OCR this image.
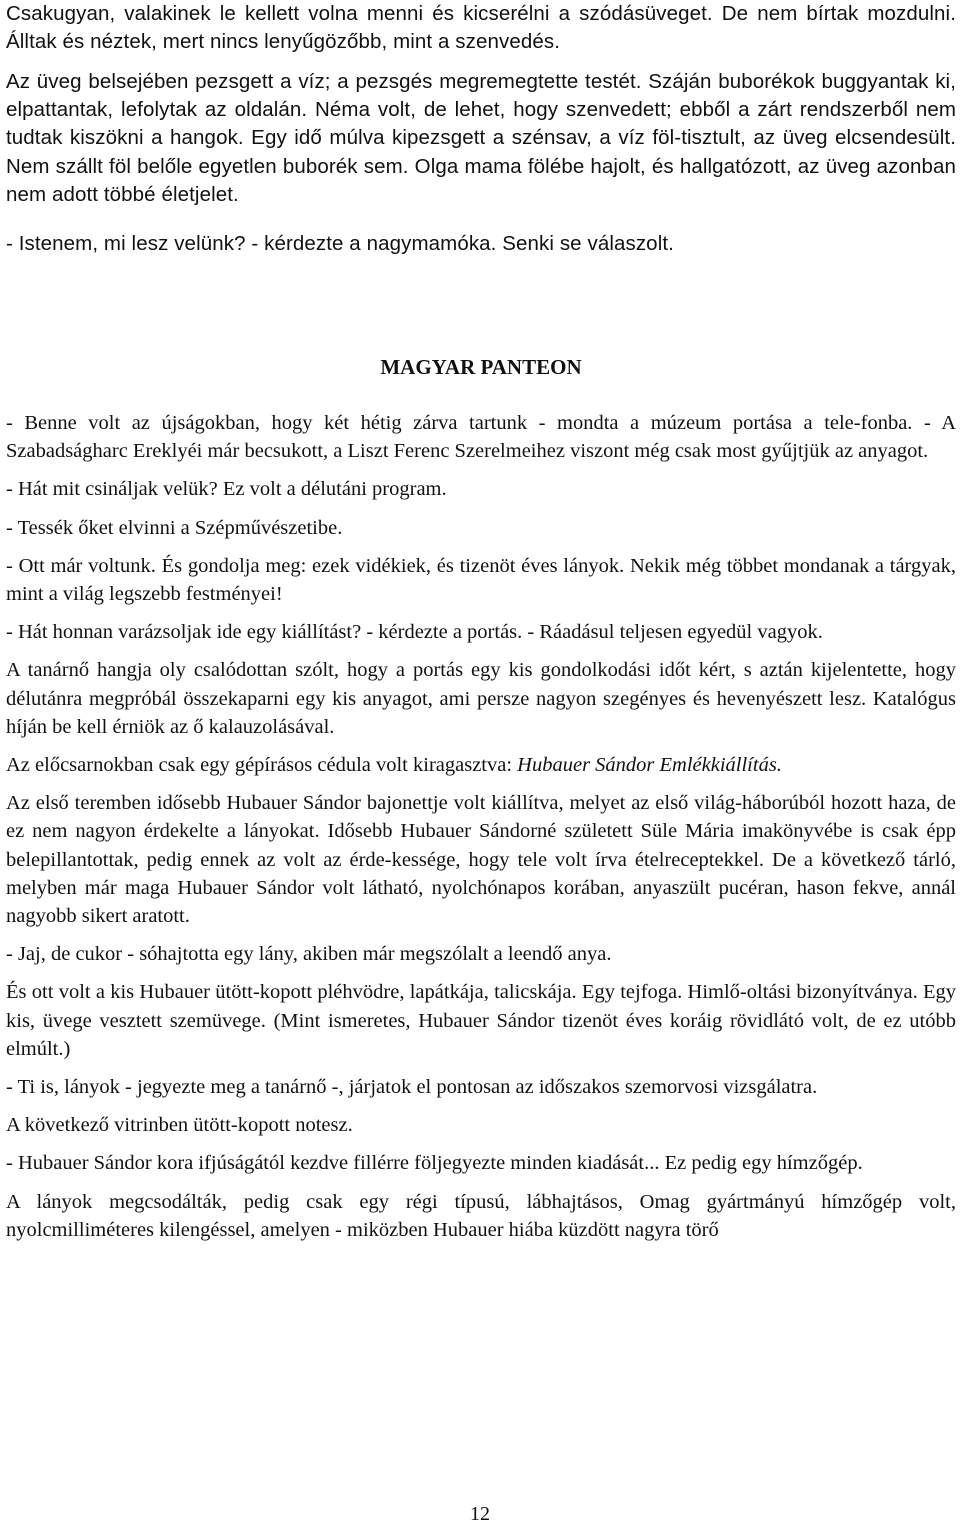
Csakugyan, valakinek le kellett volna menni és kicserélni a szódásüveget. De nem bírtak mozdulni. Álltak és néztek, mert nincs lenyűgözőbb, mint a szenvedés.

Az üveg belsejében pezsgett a víz; a pezsgés megremegtette testét. Száján buborékok buggyantak ki, elpattantak, lefolytak az oldalán. Néma volt, de lehet, hogy szenvedett; ebből a zárt rendszerből nem tudtak kiszökni a hangok. Egy idő múlva kipezsgett a szénsav, a víz föl-tisztult, az üveg elcsendesült. Nem szállt föl belőle egyetlen buborék sem. Olga mama fölébe hajolt, és hallgatózott, az üveg azonban nem adott többé életjelet.

- Istenem, mi lesz velünk? - kérdezte a nagymamóka. Senki se válaszolt.

MAGYAR PANTEON

- Benne volt az újságokban, hogy két hétig zárva tartunk - mondta a múzeum portása a tele-fonba. - A Szabadságharc Ereklyéi már becsukott, a Liszt Ferenc Szerelmeihez viszont még csak most gyűjtjük az anyagot.

- Hát mit csináljak velük? Ez volt a délutáni program.

- Tessék őket elvinni a Szépművészetibe.

- Ott már voltunk. És gondolja meg: ezek vidékiek, és tizenöt éves lányok. Nekik még többet mondanak a tárgyak, mint a világ legszebb festményei!

- Hát honnan varázsoljak ide egy kiállítást? - kérdezte a portás. - Ráadásul teljesen egyedül vagyok.

A tanárnő hangja oly csalódottan szólt, hogy a portás egy kis gondolkodási időt kért, s aztán kijelentette, hogy délutánra megpróbál összekaparni egy kis anyagot, ami persze nagyon szegényes és hevenyészett lesz. Katalógus híján be kell érniök az ő kalauzolásával.

Az előcsarnokban csak egy gépírásos cédula volt kiragasztva: Hubauer Sándor Emlékkiállítás.

Az első teremben idősebb Hubauer Sándor bajonettje volt kiállítva, melyet az első világ-háborúból hozott haza, de ez nem nagyon érdekelte a lányokat. Idősebb Hubauer Sándorné született Süle Mária imakönyvébe is csak épp belepillantottak, pedig ennek az volt az érde-kessége, hogy tele volt írva ételreceptekkel. De a következő tárló, melyben már maga Hubauer Sándor volt látható, nyolchónapos korában, anyaszült pucéran, hason fekve, annál nagyobb sikert aratott.

- Jaj, de cukor - sóhajtotta egy lány, akiben már megszólalt a leendő anya.

És ott volt a kis Hubauer ütött-kopott pléhvödre, lapátkája, talicskája. Egy tejfoga. Himlő-oltási bizonyítványa. Egy kis, üvege vesztett szemüvege. (Mint ismeretes, Hubauer Sándor tizenöt éves koráig rövidlátó volt, de ez utóbb elmúlt.)

- Ti is, lányok - jegyezte meg a tanárnő -, járjatok el pontosan az időszakos szemorvosi vizsgálatra.

A következő vitrinben ütött-kopott notesz.

- Hubauer Sándor kora ifjúságától kezdve fillérre följegyezte minden kiadását... Ez pedig egy hímzőgép.

A lányok megcsodálták, pedig csak egy régi típusú, lábhajtásos, Omag gyártmányú hímzőgép volt, nyolcmilliméteres kilengéssel, amelyen - miközben Hubauer hiába küzdött nagyra törő

12
